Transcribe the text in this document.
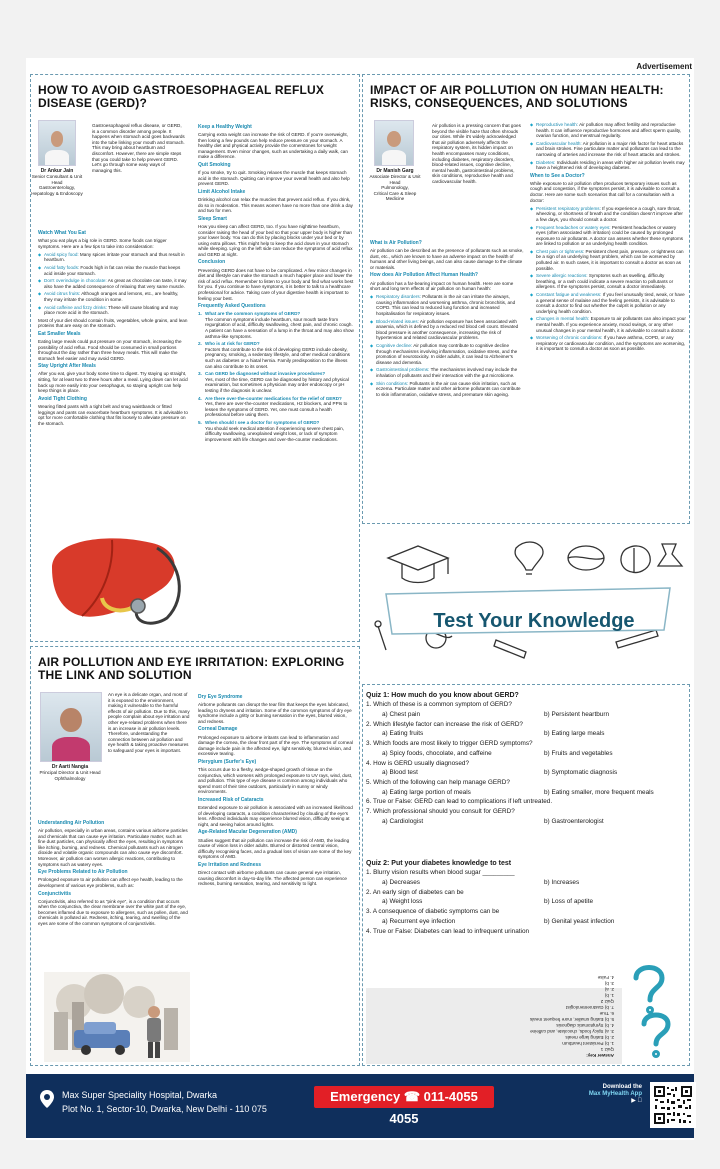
Advertisement
HOW TO AVOID GASTROESOPHAGEAL REFLUX DISEASE (GERD)?
Dr Ankur Jain
Senior Consultant & Unit Head
Gastroenterology,
Hepatology & Endoscopy

Gastroesophageal reflux disease, or GERD, is a common disorder among people. It happens when stomach acid goes backwards into the tube linking your mouth and stomach. This may bring about heartburn and discomfort. However, there are simple steps that you could take to help prevent GERD. Let's go through some easy ways of managing this.

Watch What You Eat

What you eat plays a big role in GERD. Some foods can trigger symptoms. Here are a few tips to take into consideration:

◆ Avoid spicy food: Many spices irritate your stomach and thus result in heartburn.
◆ Avoid fatty foods: Foods high in fat can relax the muscle that keeps acid inside your stomach.
◆ Don't overindulge in chocolate: As great as chocolate can taste, it may also have the added consequence of relaxing that very same muscle.
◆ Avoid citrus fruits: Although oranges and lemons, etc., are healthy, they may irritate the condition in some.
◆ Avoid caffeine and fizzy drinks: These will cause bloating and may place more acid in the stomach.

Most of your diet should contain fruits, vegetables, whole grains, and lean proteins that are easy on the stomach.

Eat Smaller Meals

Eating large meals could put pressure on your stomach, increasing the possibility of acid reflux. Food should be consumed in small portions throughout the day rather than three heavy meals. This will make the stomach feel easier and may avoid GERD.

Stay Upright After Meals

After you eat, give your body some time to digest. Try staying up straight, sitting, for at least two to three hours after a meal. Lying down can let acid back up more easily into your oesophagus, so staying upright can help keep things in place.

Avoid Tight Clothing

Wearing fitted pants with a tight belt and snug waistbands or fitted leggings and pants can exacerbate heartburn symptoms. It is advisable to opt for more comfortable clothing that fits loosely to alleviate pressure on the stomach.

Keep a Healthy Weight

Carrying extra weight can increase the risk of GERD. If you're overweight, then losing a few pounds can help reduce pressure on your stomach. A healthy diet and physical activity provide the cornerstones for weight management. Even minor changes, such as undertaking a daily walk, can make a difference.

Quit Smoking

If you smoke, try to quit. Smoking relaxes the muscle that keeps stomach acid in the stomach. Quitting can improve your overall health and also help prevent GERD.

Limit Alcohol Intake

Drinking alcohol can relax the muscles that prevent acid reflux. If you drink, do so in moderation. This means women have no more than one drink a day and two for men.

Sleep Smart

How you sleep can affect GERD, too. If you have nighttime heartburn, consider raising the head of your bed so that your upper body is higher than your lower body. You can do this by placing blocks under your bed or by using extra pillows. This might help to keep the acid down in your stomach while sleeping. Lying on the left side can reduce the symptoms of acid reflux and GERD at night.

Conclusion

Preventing GERD does not have to be complicated. A few minor changes in diet and lifestyle can make the stomach a much happier place and lower the risk of acid reflux. Remember to listen to your body and find what works best for you. If you continue to have symptoms, it is better to talk to a healthcare professional for advice. Taking care of your digestive health is important to feeling your best.

Frequently Asked Questions
1. What are the common symptoms of GERD?
The common symptoms include heartburn, sour mouth taste from regurgitation of acid, difficulty swallowing, chest pain, and chronic cough. A patient can have a sensation of a lump in the throat and may also show asthma-like symptoms.
2. Who is at risk for GERD?
Factors that contribute to the risk of developing GERD include obesity, pregnancy, smoking, a sedentary lifestyle, and other medical conditions such as diabetes or a hiatal hernia. Family predisposition to the illness can also contribute to its onset.
3. Can GERD be diagnosed without invasive procedures?
Yes, most of the time, GERD can be diagnosed by history and physical examination, but sometimes a physician may order endoscopy or pH testing if the diagnosis is unclear.
4. Are there over-the-counter medications for the relief of GERD?
Yes, there are over-the-counter medications, H2 blockers, and PPIs to lessen the symptoms of GERD. Yet, one must consult a health professional before using them.
5. When should I see a doctor for symptoms of GERD?
You should seek medical attention if experiencing severe chest pain, difficulty swallowing, unexplained weight loss, or lack of symptom improvement with life changes and over-the-counter medications.
IMPACT OF AIR POLLUTION ON HUMAN HEALTH: RISKS, CONSEQUENCES, AND SOLUTIONS
Dr Manish Garg
Associate Director & Unit Head
Pulmonology,
Critical Care & Sleep Medicine

Air pollution is a pressing concern that goes beyond the visible haze that often shrouds our cities. While it's widely acknowledged that air pollution adversely affects the respiratory system, its hidden impact on health encompasses many conditions, including diabetes, respiratory disorders, blood-related issues, cognitive decline, mental health, gastrointestinal problems, skin conditions, reproductive health and cardiovascular health.

What is Air Pollution?

Air pollution can be described as the presence of pollutants such as smoke, dust, etc., which are known to have an adverse impact on the health of humans and other living beings, and can also cause damage to the climate or materials.

How does Air Pollution Affect Human Health?

Air pollution has a far-bearing impact on human health. Here are some short and long term effects of air pollution on human health:

◆ Respiratory disorders: Pollutants in the air can irritate the airways, causing inflammation and worsening asthma, chronic bronchitis, and COPD. This can lead to reduced lung function and increased hospitalisation for respiratory issues.
◆ Blood-related issues: Air pollution exposure has been associated with anaemia, which is defined by a reduced red blood cell count. Elevated blood pressure is another consequence, increasing the risk of hypertension and related cardiovascular problems.
◆ Cognitive decline: Air pollution may contribute to cognitive decline through mechanisms involving inflammation, oxidative stress, and the promotion of neurotoxicity. In older adults, it can lead to Alzheimer's disease and dementia.
◆ Gastrointestinal problems: The mechanisms involved may include the inhalation of pollutants and their interaction with the gut microbiome.
◆ Skin conditions: Pollutants in the air can cause skin irritation, such as eczema. Particulate matter and other airborne pollutants can contribute to skin inflammation, oxidative stress, and premature skin ageing.
◆ Reproductive health: Air pollution may affect fertility and reproductive health. It can influence reproductive hormones and affect sperm quality, ovarian function, and menstrual regularity.
◆ Cardiovascular health: Air pollution is a major risk factor for heart attacks and brain strokes. Fine particulate matter and pollutants can lead to the narrowing of arteries and increase the risk of heart attacks and strokes.
◆ Diabetes: Individuals residing in areas with higher air pollution levels may have a heightened risk of developing diabetes.
When to See a Doctor?

While exposure to air pollution often produces temporary issues such as cough and congestion, if the symptoms persist, it is advisable to consult a doctor. Here are some such scenarios that call for a consultation with a doctor:

◆ Persistent respiratory problems: If you experience a cough, sore throat, wheezing, or shortness of breath and the condition doesn't improve after a few days, you should consult a doctor.
◆ Frequent headaches or watery eyes: Persistent headaches or watery eyes (often associated with irritation) could be caused by prolonged exposure to air pollutants. A doctor can assess whether these symptoms are linked to pollution or an underlying health condition.
◆ Chest pain or tightness: Persistent chest pain, pressure, or tightness can be a sign of an underlying heart problem, which can be worsened by polluted air. In such cases, it is important to consult a doctor as soon as possible.
◆ Severe allergic reactions: Symptoms such as swelling, difficulty breathing, or a rash could indicate a severe reaction to pollutants or allergens. If the symptoms persist, consult a doctor immediately.
◆ Constant fatigue and weakness: If you feel unusually tired, weak, or have a general sense of malaise and the feeling persists, it is advisable to consult a doctor to find out whether the culprit is pollution or any underlying health condition.
◆ Changes in mental health: Exposure to air pollutants can also impact your mental health. If you experience anxiety, mood swings, or any other unusual changes in your mental health, it is advisable to consult a doctor.
◆ Worsening of chronic conditions: If you have asthma, COPD, or any respiratory or cardiovascular condition, and the symptoms are worsening, it is important to consult a doctor as soon as possible.
Test Your Knowledge
AIR POLLUTION AND EYE IRRITATION: EXPLORING THE LINK AND SOLUTION
Dr Aarti Nangia
Principal Director & Unit Head
Ophthalmology

An eye is a delicate organ, and most of it is exposed to the environment, making it vulnerable to the harmful effects of air pollution. Due to this, many people complain about eye irritation and other eye-related problems when there is an increase in air pollution levels. Therefore, understanding the connection between air pollution and eye health & taking proactive measures to safeguard your eyes is important.

Understanding Air Pollution

Air pollution, especially in urban areas, contains various airborne particles and chemicals that can cause eye irritation. Particulate matter, such as fine dust particles, can physically affect the eyes, resulting in symptoms like itching, burning, and redness. Chemical pollutants such as nitrogen dioxide and volatile organic compounds can also cause eye discomfort. Moreover, air pollution can worsen allergic reactions, contributing to symptoms such as watery eyes.

Eye Problems Related to Air Pollution

Prolonged exposure to air pollution can affect eye health, leading to the development of various eye problems, such as:

Conjunctivitis

Conjunctivitis, also referred to as "pink eye", is a condition that occurs when the conjunctiva, the clear membrane over the white part of the eye, becomes inflamed due to exposure to allergens, such as pollen, dust, and chemicals in polluted air. Redness, itching, tearing, and swelling of the eyes are some of the common symptoms of conjunctivitis.

Dry Eye Syndrome

Airborne pollutants can disrupt the tear film that keeps the eyes lubricated, leading to dryness and irritation. Some of the common symptoms of dry eye syndrome include a gritty or burning sensation in the eyes, blurred vision, and redness.

Corneal Damage

Prolonged exposure to airborne irritants can lead to inflammation and damage the cornea, the clear front part of the eye. The symptoms of corneal damage include pain in the affected eye, light sensitivity, blurred vision, and excessive tearing.

Pterygium (Surfer's Eye)

This occurs due to a fleshy, wedge-shaped growth of tissue on the conjunctiva, which worsens with prolonged exposure to UV rays, wind, dust, and pollution. This type of eye disease is common among individuals who spend most of their time outdoors, particularly in sunny or windy environments.

Increased Risk of Cataracts

Extended exposure to air pollution is associated with an increased likelihood of developing cataracts, a condition characterised by clouding of the eye's lens. Affected individuals may experience blurred vision, difficulty seeing at night, and seeing halos around lights.

Age-Related Macular Degeneration (AMD)

Studies suggest that air pollution can increase the risk of AMD, the leading cause of vision loss in older adults. Blurred or distorted central vision, difficulty recognising faces, and a gradual loss of vision are some of the key symptoms of AMD.

Eye Irritation and Redness

Direct contact with airborne pollutants can cause general eye irritation, causing discomfort in day-to-day life. The affected person can experience redness, burning sensation, tearing, and sensitivity to light.

Quiz 1: How much do you know about GERD?
1. Which of these is a common symptom of GERD?
a) Chest pain	b) Persistent heartburn
2. Which lifestyle factor can increase the risk of GERD?
a) Eating fruits	b) Eating large meals
3. Which foods are most likely to trigger GERD symptoms?
a) Spicy foods, chocolate, and caffeine	b) Fruits and vegetables
4. How is GERD usually diagnosed?
a) Blood test	b) Symptomatic diagnosis
5. Which of the following can help manage GERD?
a) Eating large portion of meals	b) Eating smaller, more frequent meals
6. True or False: GERD can lead to complications if left untreated.
7. Which professional should you consult for GERD?
a) Cardiologist	b) Gastroenterologist
Quiz 2: Put your diabetes knowledge to test
1. Blurry vision results when blood sugar _________
a) Decreases	b) Increases
2. An early sign of diabetes can be
a) Weight loss	b) Loss of apetite
3. A consequence of diabetic symptoms can be
a) Recurrent eye infection	b) Genital yeast infection
4. True or False: Diabetes can lead to infrequent urination
Answer Key:
Quiz 1
1. b) Persistent heartburn
2. b) Eating large meals
3. a) Spicy foods, chocolate, and caffeine
4. b) Symptomatic diagnosis
5. b) Eating smaller, more frequent meals
6. True
7. b) Gastroenterologist
Quiz 2
1. b)
2. a)
3. b)
4. False
Max Super Speciality Hospital, Dwarka
Plot No. 1, Sector-10, Dwarka, New Delhi - 110 075
Emergency ☎ 011-4055 4055
Download the
Max MyHealth App
▶
